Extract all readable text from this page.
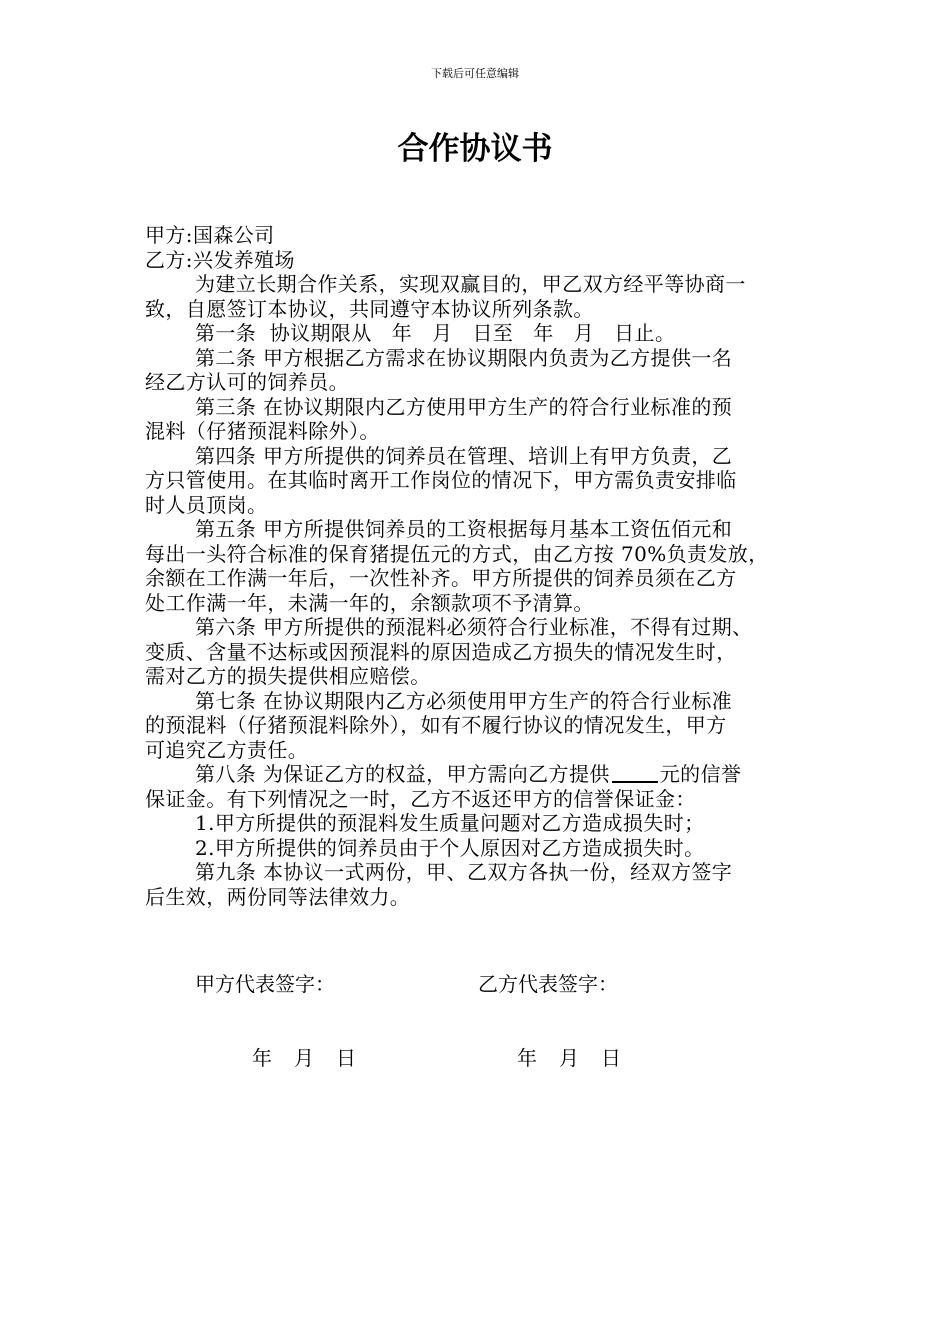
下载后可任意编辑
合作协议书
甲方:国森公司
乙方:兴发养殖场
为建立长期合作关系，实现双赢目的，甲乙双方经平等协商一
致，自愿签订本协议，共同遵守本协议所列条款。
第一条 协议期限从 年 月 日至 年 月 日止。
第二条 甲方根据乙方需求在协议期限内负责为乙方提供一名
经乙方认可的饲养员。
第三条 在协议期限内乙方使用甲方生产的符合行业标准的预
混料（仔猪预混料除外）。
第四条 甲方所提供的饲养员在管理、培训上有甲方负责，乙
方只管使用。在其临时离开工作岗位的情况下，甲方需负责安排临
时人员顶岗。
第五条 甲方所提供饲养员的工资根据每月基本工资伍佰元和
每出一头符合标准的保育猪提伍元的方式，由乙方按 70%负责发放，
余额在工作满一年后，一次性补齐。甲方所提供的饲养员须在乙方
处工作满一年，未满一年的，余额款项不予清算。
第六条 甲方所提供的预混料必须符合行业标准，不得有过期、
变质、含量不达标或因预混料的原因造成乙方损失的情况发生时，
需对乙方的损失提供相应赔偿。
第七条 在协议期限内乙方必须使用甲方生产的符合行业标准
的预混料（仔猪预混料除外），如有不履行协议的情况发生，甲方
可追究乙方责任。
第八条 为保证乙方的权益，甲方需向乙方提供	元的信誉
保证金。有下列情况之一时，乙方不返还甲方的信誉保证金：
1.甲方所提供的预混料发生质量问题对乙方造成损失时；
2.甲方所提供的饲养员由于个人原因对乙方造成损失时。
第九条 本协议一式两份，甲、乙双方各执一份，经双方签字
后生效，两份同等法律效力。
甲方代表签字：	乙方代表签字：
年 月 日	年 月 日
